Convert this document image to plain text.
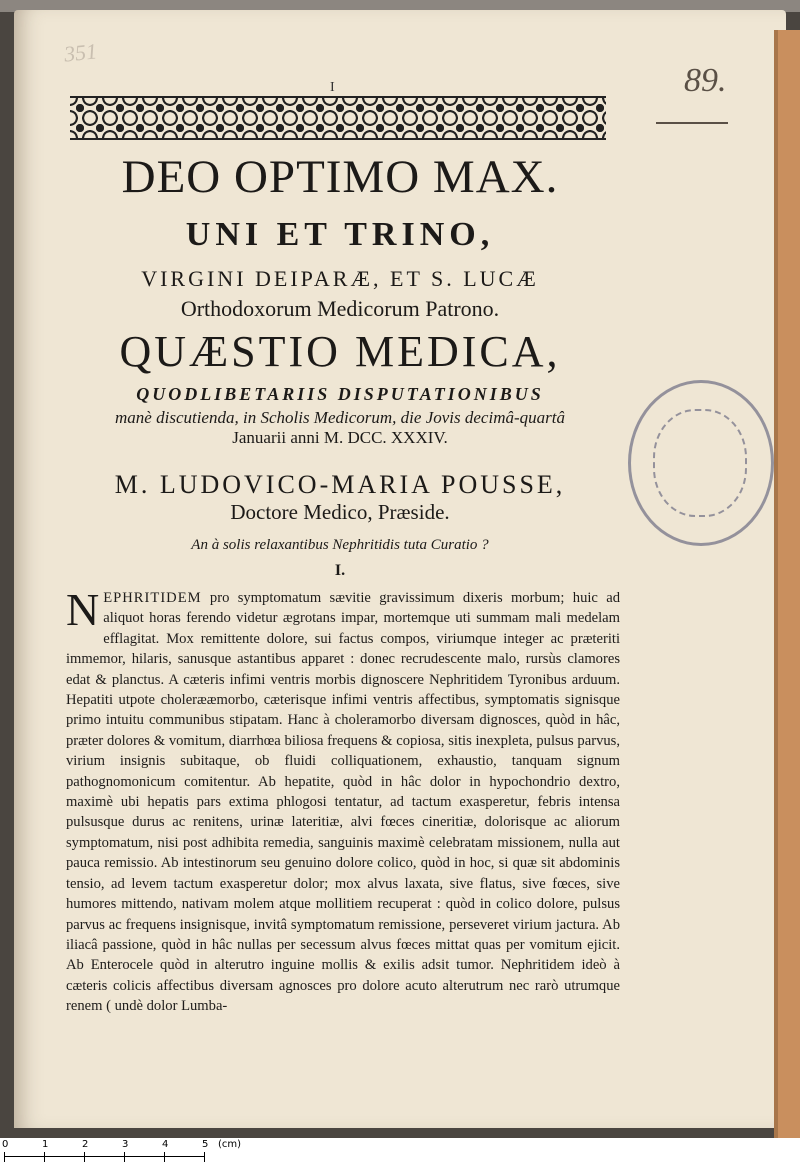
351
I	89.
DEO OPTIMO MAX.
UNI ET TRINO,
VIRGINI DEIPARÆ, ET S. LUCÆ
Orthodoxorum Medicorum Patrono.
QUÆSTIO MEDICA,
QUODLIBETARIIS DISPUTATIONIBUS
manè discutienda, in Scholis Medicorum, die Jovis decimâ-quartâ
Januarii anni M. DCC. XXXIV.
M. LUDOVICO-MARIA POUSSE,
Doctore Medico, Præside.
An à solis relaxantibus Nephritidis tuta Curatio ?
I.
NEPHRITIDEM pro symptomatum sævitie gravissimum dixeris morbum; huic ad aliquot horas ferendo videtur ægrotans impar, mortemque uti summam mali medelam efflagitat. Mox remittente dolore, sui factus compos, viriumque integer ac præteriti immemor, hilaris, sanusque astantibus apparet : donec recrudescente malo, rursùs clamores edat & planctus. A cæteris infimi ventris morbis dignoscere Nephritidem Tyronibus arduum. Hepatiti utpote cholerææmorbo, cæterisque infimi ventris affectibus, symptomatis signisque primo intuitu communibus stipatam. Hanc à choleramorbo diversam dignosces, quòd in hâc, præter dolores & vomitum, diarrhœa biliosa frequens & copiosa, sitis inexpleta, pulsus parvus, virium insignis subitaque, ob fluidi colliquationem, exhaustio, tanquam signum pathognomonicum comitentur. Ab hepatite, quòd in hâc dolor in hypochondrio dextro, maximè ubi hepatis pars extima phlogosi tentatur, ad tactum exasperetur, febris intensa pulsusque durus ac renitens, urinæ lateritiæ, alvi fœces cineritiæ, dolorisque ac aliorum symptomatum, nisi post adhibita remedia, sanguinis maximè celebratam missionem, nulla aut pauca remissio. Ab intestinorum seu genuino dolore colico, quòd in hoc, si quæ sit abdominis tensio, ad levem tactum exasperetur dolor; mox alvus laxata, sive flatus, sive fœces, sive humores mittendo, nativam molem atque mollitiem recuperat : quòd in colico dolore, pulsus parvus ac frequens insignisque, invitâ symptomatum remissione, perseveret virium jactura. Ab iliacâ passione, quòd in hâc nullas per secessum alvus fœces mittat quas per vomitum ejicit. Ab Enterocele quòd in alterutro inguine mollis & exilis adsit tumor. Nephritidem ideò à cæteris colicis affectibus diversam agnosces pro dolore acuto alterutrum nec rarò utrumque renem ( undè dolor Lumba-
0	1	2	3	4	5 (cm)
